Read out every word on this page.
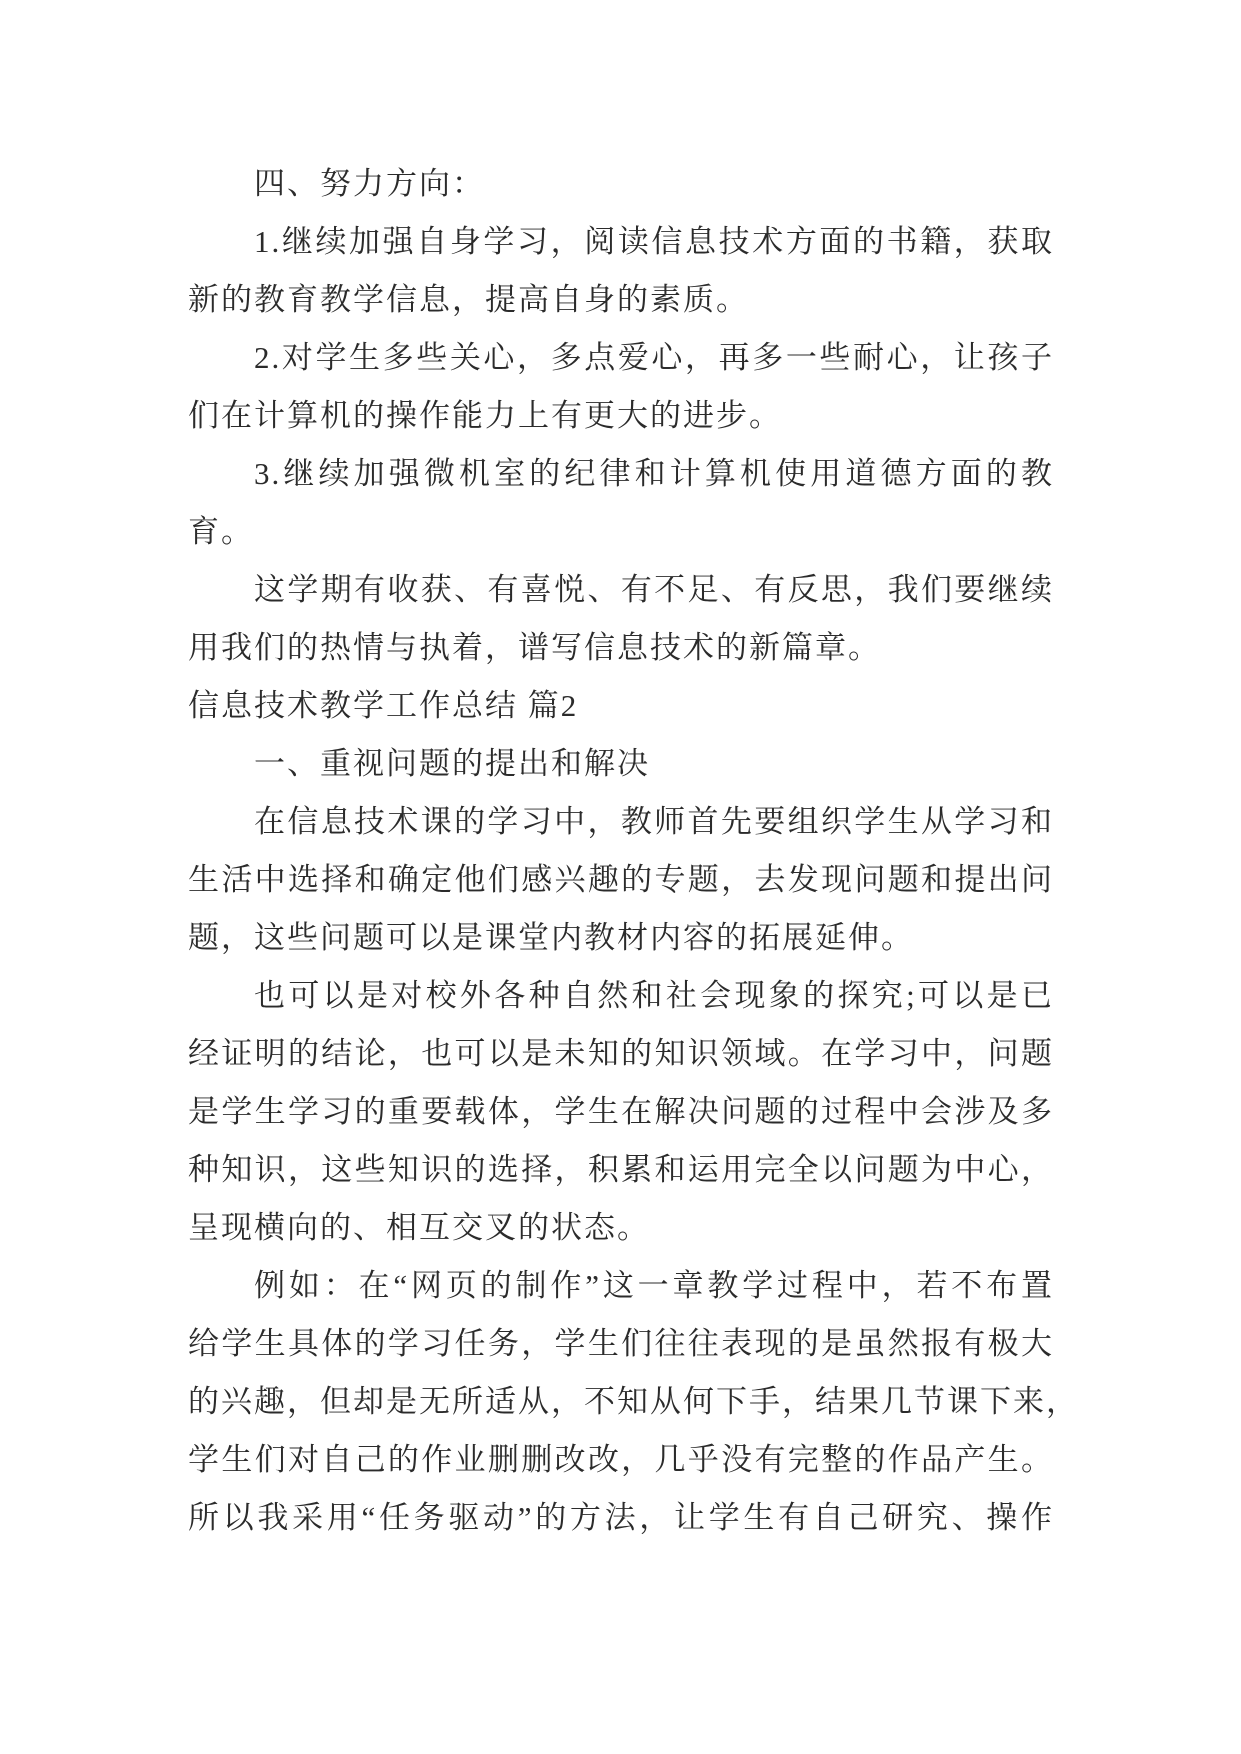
四、努力方向：
1.继续加强自身学习，阅读信息技术方面的书籍，获取
新的教育教学信息，提高自身的素质。
2.对学生多些关心，多点爱心，再多一些耐心，让孩子
们在计算机的操作能力上有更大的进步。
3.继续加强微机室的纪律和计算机使用道德方面的教
育。
这学期有收获、有喜悦、有不足、有反思，我们要继续
用我们的热情与执着，谱写信息技术的新篇章。
信息技术教学工作总结 篇2
一、重视问题的提出和解决
在信息技术课的学习中，教师首先要组织学生从学习和
生活中选择和确定他们感兴趣的专题，去发现问题和提出问
题，这些问题可以是课堂内教材内容的拓展延伸。
也可以是对校外各种自然和社会现象的探究;可以是已
经证明的结论，也可以是未知的知识领域。在学习中，问题
是学生学习的重要载体，学生在解决问题的过程中会涉及多
种知识，这些知识的选择，积累和运用完全以问题为中心，
呈现横向的、相互交叉的状态。
例如：在“网页的制作”这一章教学过程中，若不布置
给学生具体的学习任务，学生们往往表现的是虽然报有极大
的兴趣，但却是无所适从，不知从何下手，结果几节课下来，
学生们对自己的作业删删改改，几乎没有完整的作品产生。
所以我采用“任务驱动”的方法，让学生有自己研究、操作
